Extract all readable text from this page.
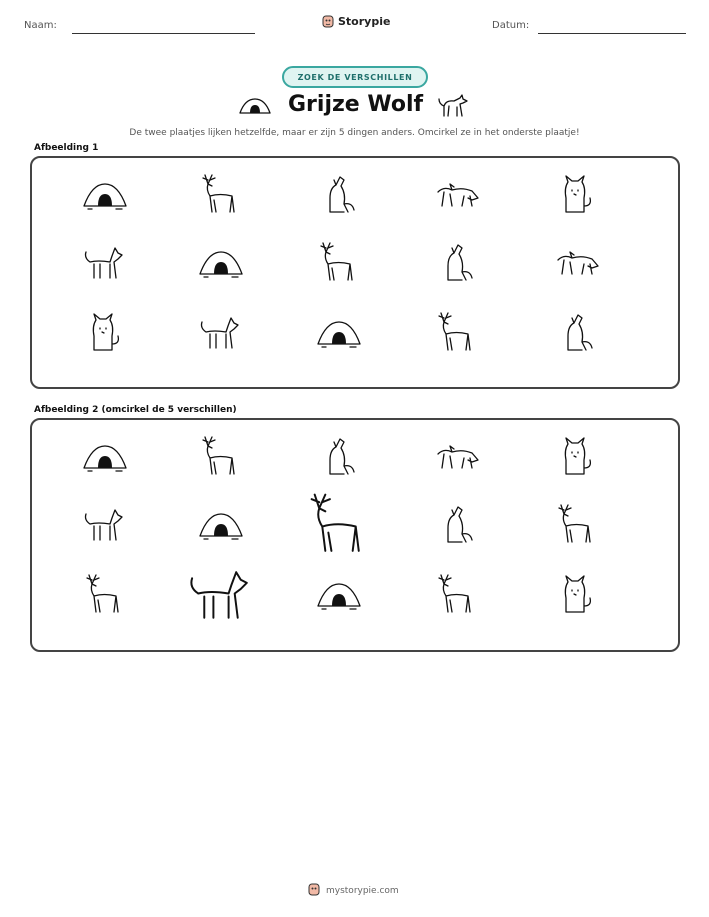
Naam:	Storypie	Datum:
ZOEK DE VERSCHILLEN
Grijze Wolf
De twee plaatjes lijken hetzelfde, maar er zijn 5 dingen anders. Omcirkel ze in het onderste plaatje!
Afbeelding 1
Afbeelding 2 (omcirkel de 5 verschillen)
mystorypie.com
